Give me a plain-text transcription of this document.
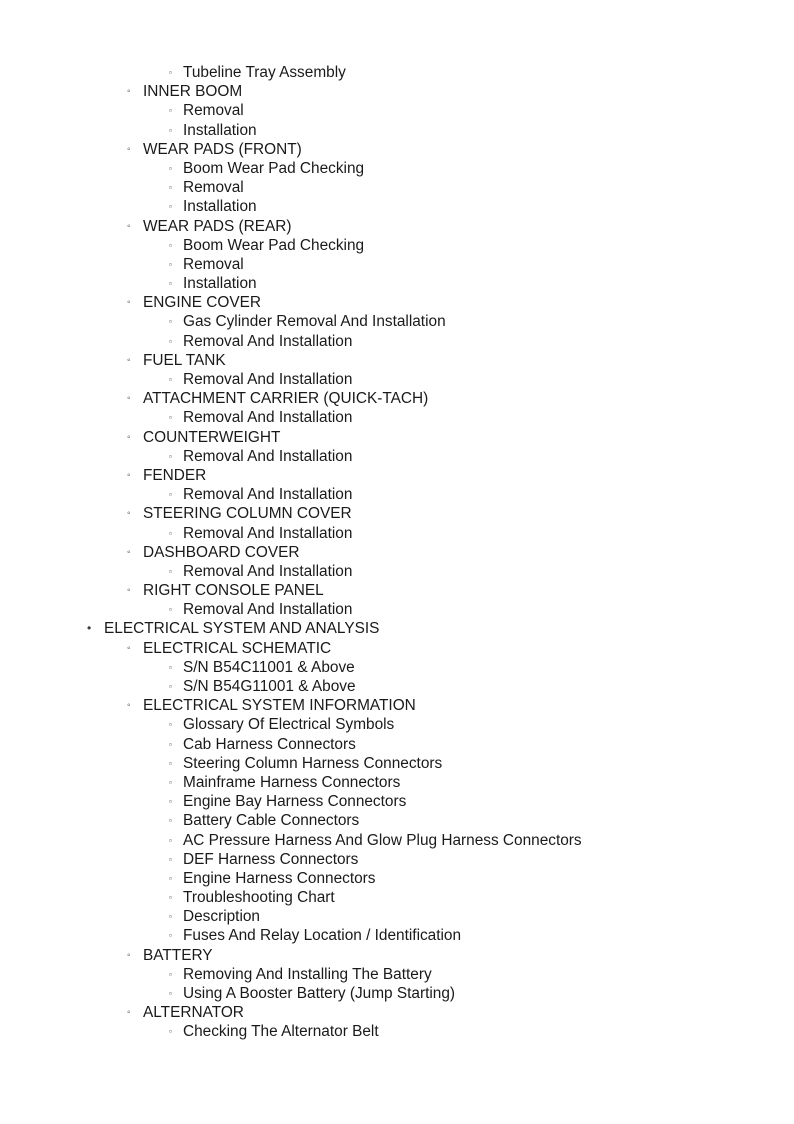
▫ Tubeline Tray Assembly
◦ INNER BOOM
▫ Removal
▫ Installation
◦ WEAR PADS (FRONT)
▫ Boom Wear Pad Checking
▫ Removal
▫ Installation
◦ WEAR PADS (REAR)
▫ Boom Wear Pad Checking
▫ Removal
▫ Installation
◦ ENGINE COVER
▫ Gas Cylinder Removal And Installation
▫ Removal And Installation
◦ FUEL TANK
▫ Removal And Installation
◦ ATTACHMENT CARRIER (QUICK-TACH)
▫ Removal And Installation
◦ COUNTERWEIGHT
▫ Removal And Installation
◦ FENDER
▫ Removal And Installation
◦ STEERING COLUMN COVER
▫ Removal And Installation
◦ DASHBOARD COVER
▫ Removal And Installation
◦ RIGHT CONSOLE PANEL
▫ Removal And Installation
• ELECTRICAL SYSTEM AND ANALYSIS
◦ ELECTRICAL SCHEMATIC
▫ S/N B54C11001 & Above
▫ S/N B54G11001 & Above
◦ ELECTRICAL SYSTEM INFORMATION
▫ Glossary Of Electrical Symbols
▫ Cab Harness Connectors
▫ Steering Column Harness Connectors
▫ Mainframe Harness Connectors
▫ Engine Bay Harness Connectors
▫ Battery Cable Connectors
▫ AC Pressure Harness And Glow Plug Harness Connectors
▫ DEF Harness Connectors
▫ Engine Harness Connectors
▫ Troubleshooting Chart
▫ Description
▫ Fuses And Relay Location / Identification
◦ BATTERY
▫ Removing And Installing The Battery
▫ Using A Booster Battery (Jump Starting)
◦ ALTERNATOR
▫ Checking The Alternator Belt
